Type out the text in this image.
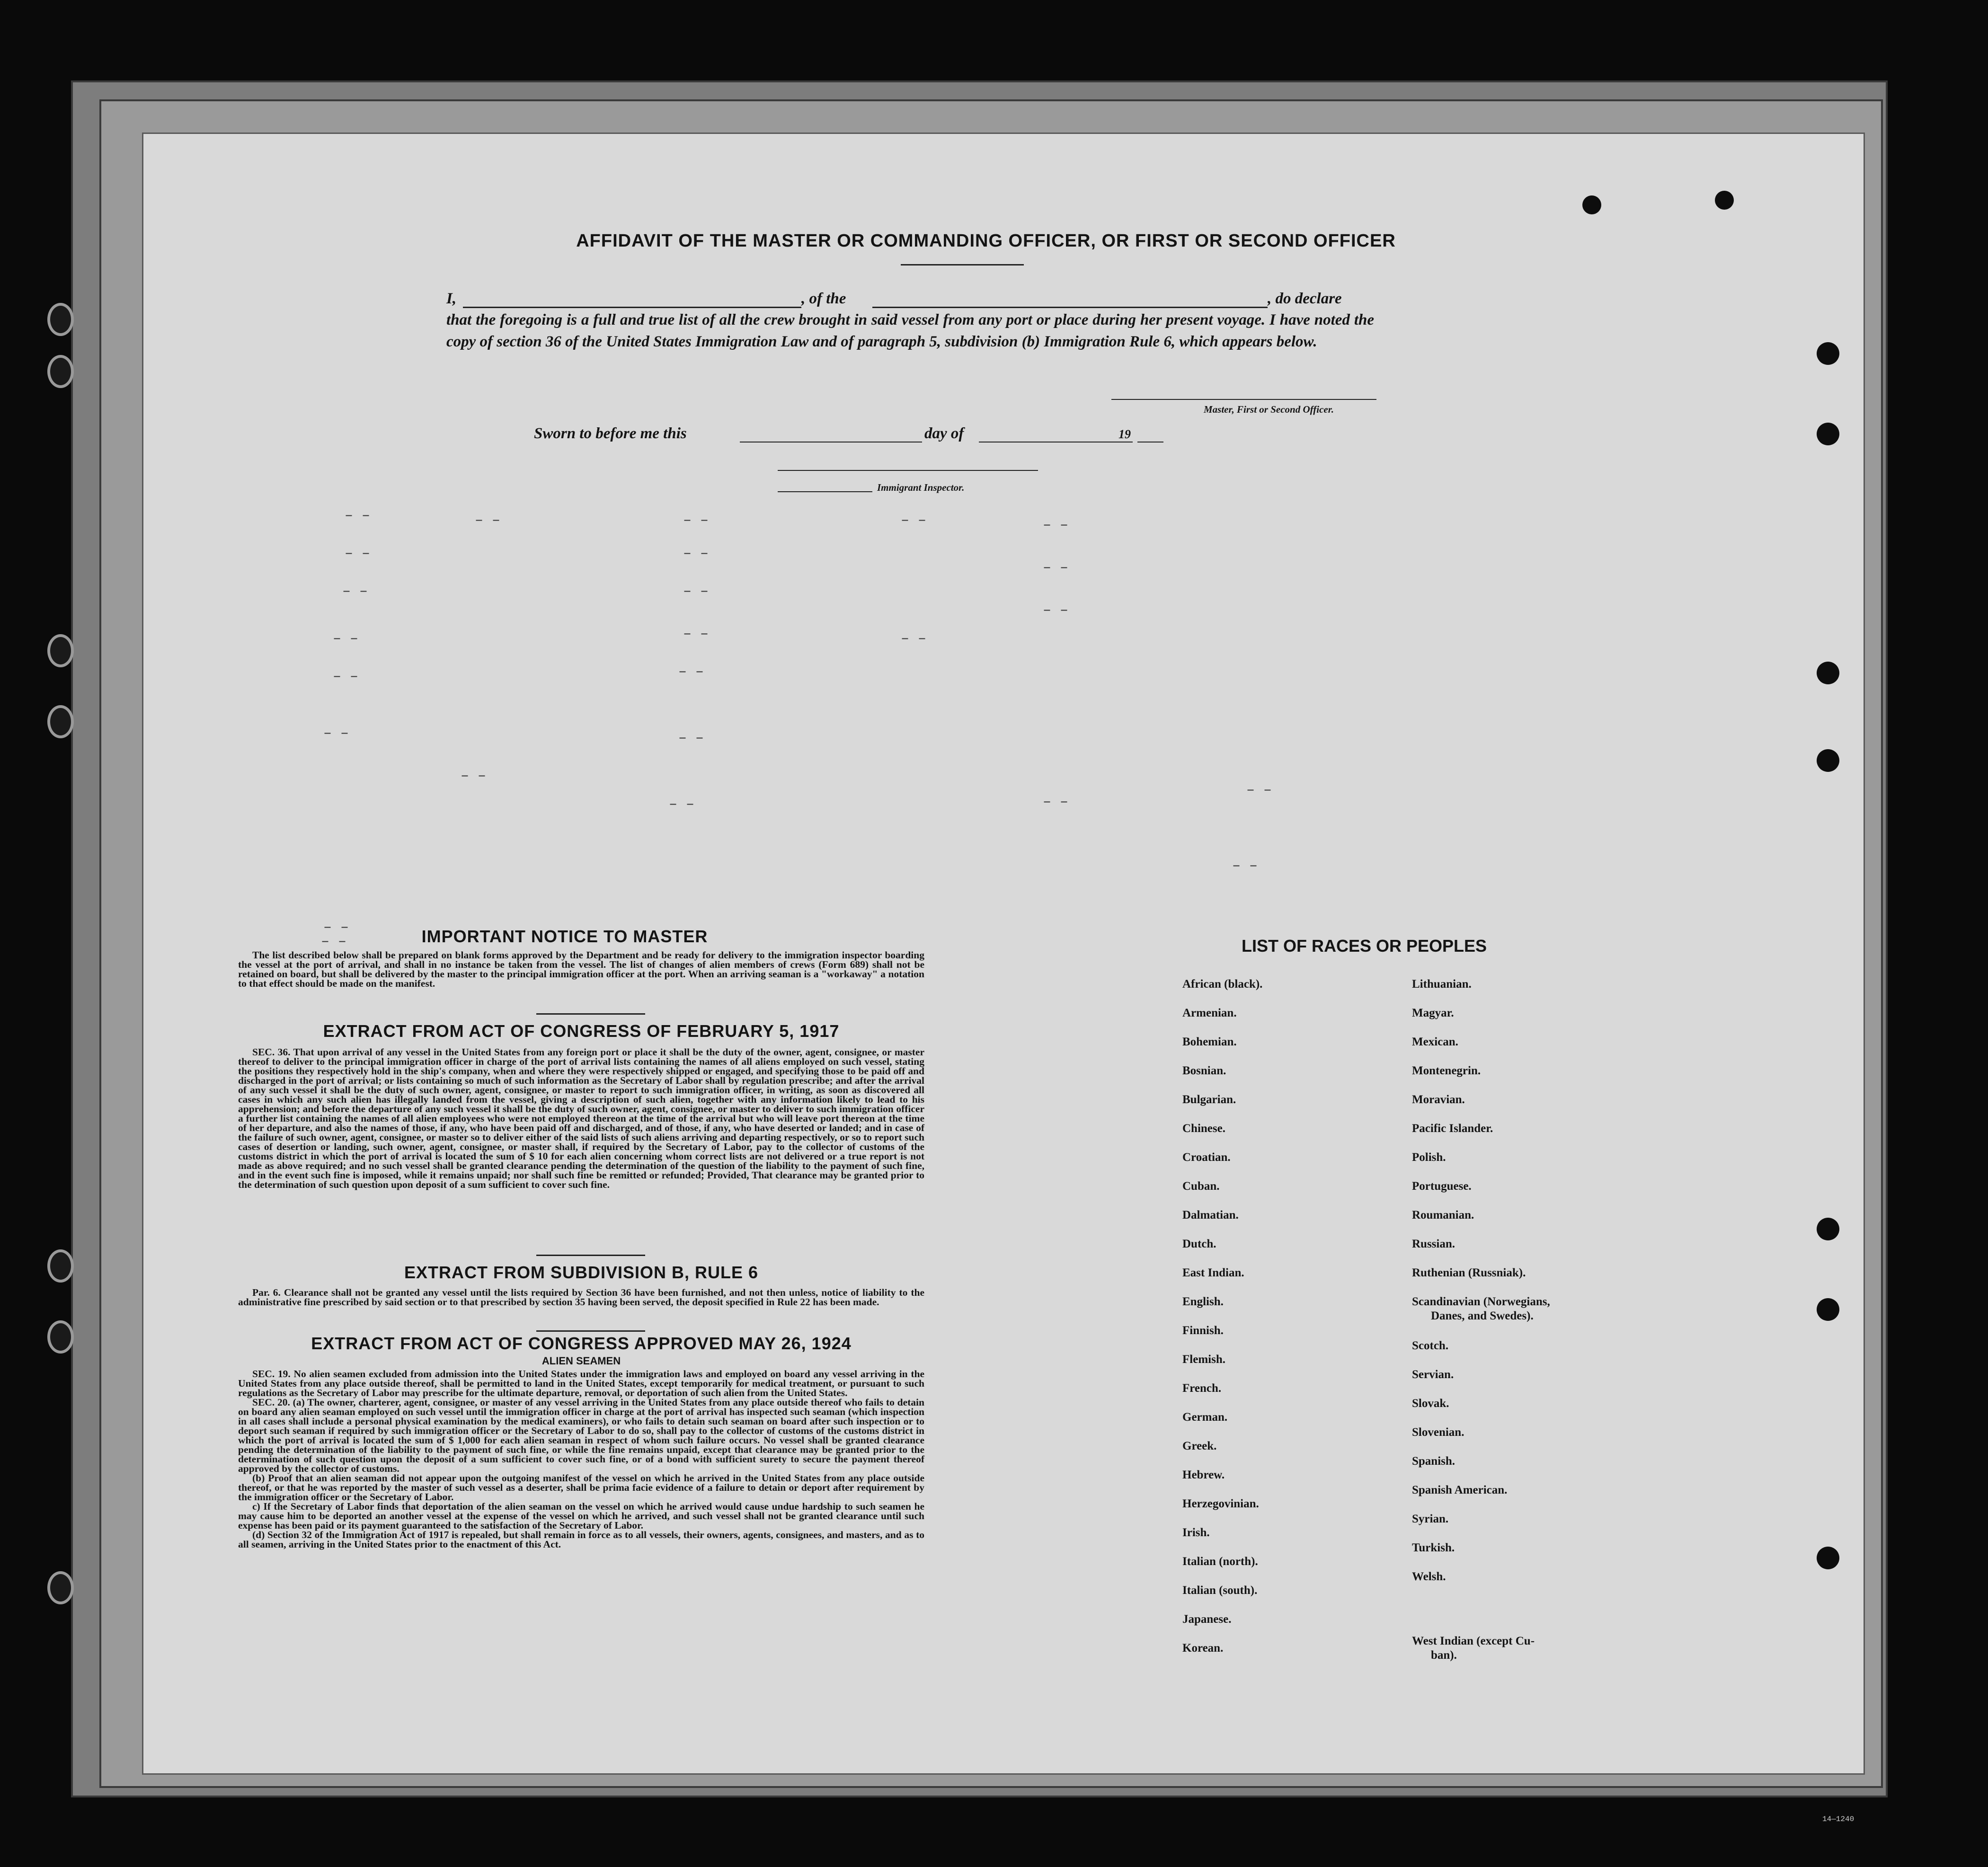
AFFIDAVIT OF THE MASTER OR COMMANDING OFFICER, OR FIRST OR SECOND OFFICER
I,	, of the	, do declare
that the foregoing is a full and true list of all the crew brought in said vessel from any port or place during her present voyage. I have noted the copy of section 36 of the United States Immigration Law and of paragraph 5, subdivision (b) Immigration Rule 6, which appears below.
Master, First or Second Officer.
Sworn to before me this	day of	19
Immigrant Inspector.
– –	– –	– –	– –	– –
– –	– –
– –
– –	– –
– –
– –	– –	– –
– –	– –
– –	– –
– –
– –	– –
– –
– –
– –
– –	IMPORTANT NOTICE TO MASTER

The list described below shall be prepared on blank forms approved by the Department and be ready for delivery to the immigration inspector boarding the vessel at the port of arrival, and shall in no instance be taken from the vessel. The list of changes of alien members of crews (Form 689) shall not be retained on board, but shall be delivered by the master to the principal immigration officer at the port. When an arriving seaman is a "workaway" a notation to that effect should be made on the manifest.

EXTRACT FROM ACT OF CONGRESS OF FEBRUARY 5, 1917

SEC. 36. That upon arrival of any vessel in the United States from any foreign port or place it shall be the duty of the owner, agent, consignee, or master thereof to deliver to the principal immigration officer in charge of the port of arrival lists containing the names of all aliens employed on such vessel, stating the positions they respectively hold in the ship's company, when and where they were respectively shipped or engaged, and specifying those to be paid off and discharged in the port of arrival; or lists containing so much of such information as the Secretary of Labor shall by regulation prescribe; and after the arrival of any such vessel it shall be the duty of such owner, agent, consignee, or master to report to such immigration officer, in writing, as soon as discovered all cases in which any such alien has illegally landed from the vessel, giving a description of such alien, together with any information likely to lead to his apprehension; and before the departure of any such vessel it shall be the duty of such owner, agent, consignee, or master to deliver to such immigration officer a further list containing the names of all alien employees who were not employed thereon at the time of the arrival but who will leave port thereon at the time of her departure, and also the names of those, if any, who have been paid off and discharged, and of those, if any, who have deserted or landed; and in case of the failure of such owner, agent, consignee, or master so to deliver either of the said lists of such aliens arriving and departing respectively, or so to report such cases of desertion or landing, such owner, agent, consignee, or master shall, if required by the Secretary of Labor, pay to the collector of customs of the customs district in which the port of arrival is located the sum of $ 10 for each alien concerning whom correct lists are not delivered or a true report is not made as above required; and no such vessel shall be granted clearance pending the determination of the question of the liability to the payment of such fine, and in the event such fine is imposed, while it remains unpaid; nor shall such fine be remitted or refunded; Provided, That clearance may be granted prior to the determination of such question upon deposit of a sum sufficient to cover such fine.

EXTRACT FROM SUBDIVISION B, RULE 6

Par. 6. Clearance shall not be granted any vessel until the lists required by Section 36 have been furnished, and not then unless, notice of liability to the administrative fine prescribed by said section or to that prescribed by section 35 having been served, the deposit specified in Rule 22 has been made.

EXTRACT FROM ACT OF CONGRESS APPROVED MAY 26, 1924
ALIEN SEAMEN

SEC. 19. No alien seamen excluded from admission into the United States under the immigration laws and employed on board any vessel arriving in the United States from any place outside thereof, shall be permitted to land in the United States, except temporarily for medical treatment, or pursuant to such regulations as the Secretary of Labor may prescribe for the ultimate departure, removal, or deportation of such alien from the United States.

SEC. 20. (a) The owner, charterer, agent, consignee, or master of any vessel arriving in the United States from any place outside thereof who fails to detain on board any alien seaman employed on such vessel until the immigration officer in charge at the port of arrival has inspected such seaman (which inspection in all cases shall include a personal physical examination by the medical examiners), or who fails to detain such seaman on board after such inspection or to deport such seaman if required by such immigration officer or the Secretary of Labor to do so, shall pay to the collector of customs of the customs district in which the port of arrival is located the sum of $ 1,000 for each alien seaman in respect of whom such failure occurs. No vessel shall be granted clearance pending the determination of the liability to the payment of such fine, or while the fine remains unpaid, except that clearance may be granted prior to the determination of such question upon the deposit of a sum sufficient to cover such fine, or of a bond with sufficient surety to secure the payment thereof approved by the collector of customs.

(b) Proof that an alien seaman did not appear upon the outgoing manifest of the vessel on which he arrived in the United States from any place outside thereof, or that he was reported by the master of such vessel as a deserter, shall be prima facie evidence of a failure to detain or deport after requirement by the immigration officer or the Secretary of Labor.

c) If the Secretary of Labor finds that deportation of the alien seaman on the vessel on which he arrived would cause undue hardship to such seamen he may cause him to be deported an another vessel at the expense of the vessel on which he arrived, and such vessel shall not be granted clearance until such expense has been paid or its payment guaranteed to the satisfaction of the Secretary of Labor.

(d) Section 32 of the Immigration Act of 1917 is repealed, but shall remain in force as to all vessels, their owners, agents, consignees, and masters, and as to all seamen, arriving in the United States prior to the enactment of this Act.

LIST OF RACES OR PEOPLES
African (black).
Armenian.
Bohemian.
Bosnian.
Bulgarian.
Chinese.
Croatian.
Cuban.
Dalmatian.
Dutch.
East Indian.
English.
Finnish.
Flemish.
French.
German.
Greek.
Hebrew.
Herzegovinian.
Irish.
Italian (north).
Italian (south).
Japanese.
Korean.
Lithuanian.
Magyar.
Mexican.
Montenegrin.
Moravian.
Pacific Islander.
Polish.
Portuguese.
Roumanian.
Russian.
Ruthenian (Russniak).
Scandinavian (Norwegians,
Danes, and Swedes).
Scotch.
Servian.
Slovak.
Slovenian.
Spanish.
Spanish American.
Syrian.
Turkish.
Welsh.
West Indian (except Cu-
ban).
14—1240
